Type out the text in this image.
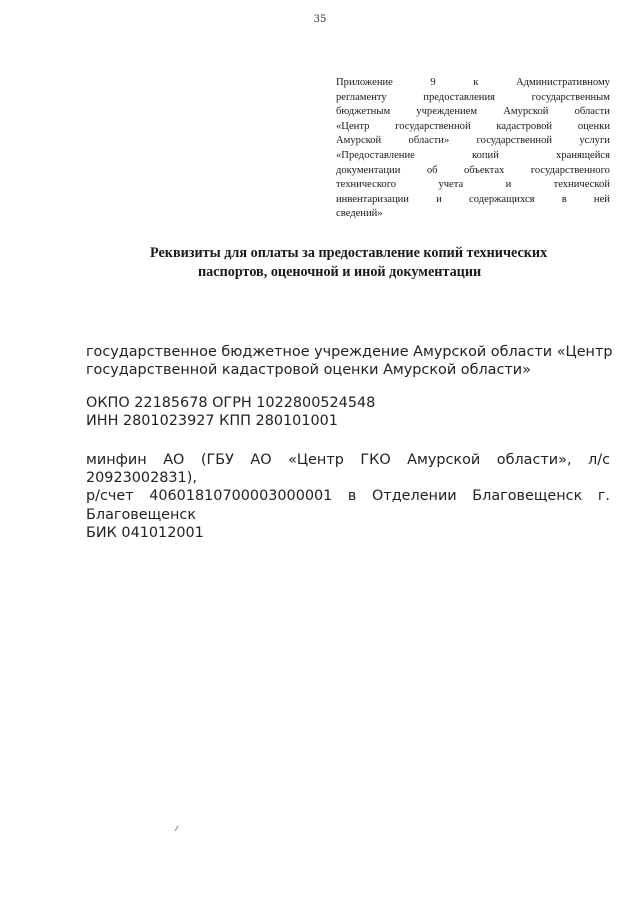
35
Приложение	9	к	Административному
регламенту	предоставления	государственным
бюджетным учреждением Амурской области
«Центр государственной кадастровой оценки
Амурской	области»	государственной	услуги
«Предоставление	копий	хранящейся
документации об объектах государственного
технического	учета	и	технической
инвентаризации	и	содержащихся	в	ней
сведений»
Реквизиты для оплаты за предоставление копий технических
паспортов, оценочной и иной документации
государственное бюджетное учреждение Амурской области «Центр
государственной кадастровой оценки Амурской области»
ОКПО 22185678 ОГРН 1022800524548
ИНН 2801023927 КПП 280101001
минфин АО (ГБУ АО «Центр ГКО Амурской области», л/с
20923002831),
р/счет 40601810700003000001 в Отделении Благовещенск г.
Благовещенск
БИК 041012001
